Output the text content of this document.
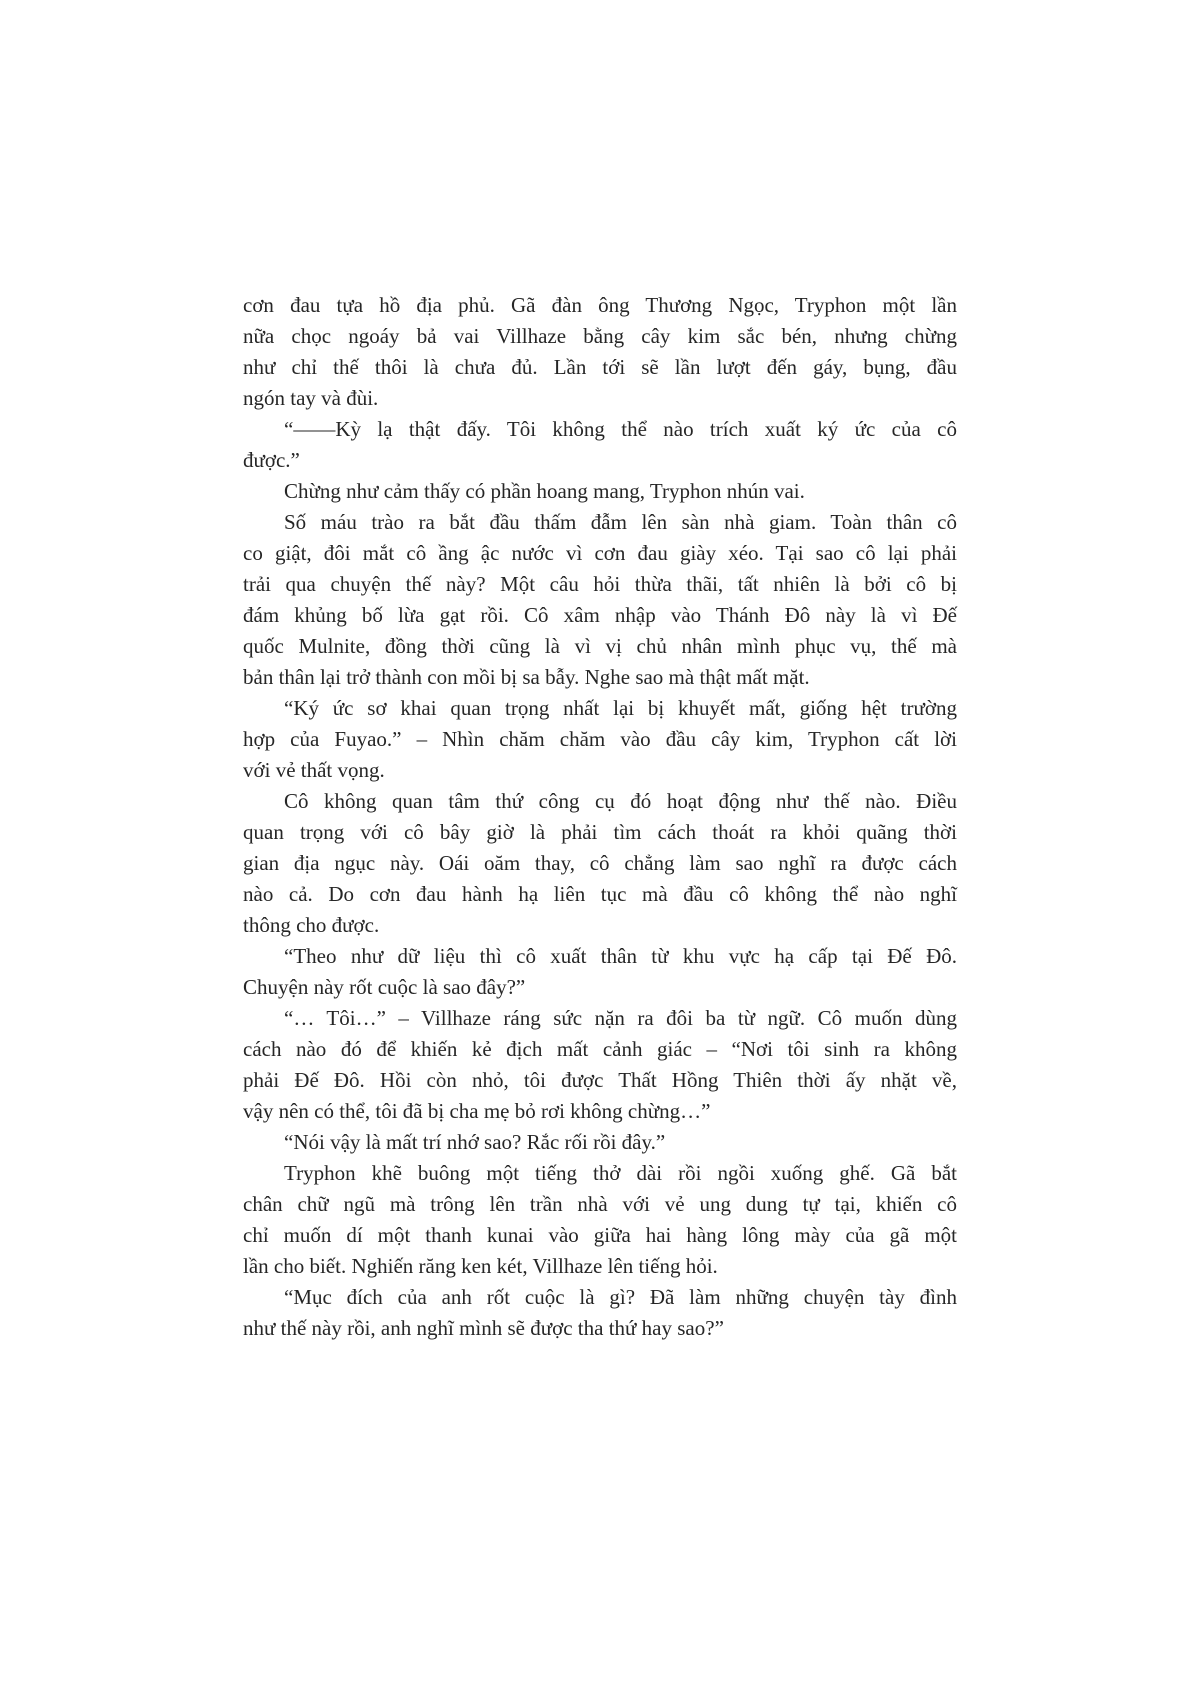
cơn đau tựa hồ địa phủ. Gã đàn ông Thương Ngọc, Tryphon một lần
nữa chọc ngoáy bả vai Villhaze bằng cây kim sắc bén, nhưng chừng
như chỉ thế thôi là chưa đủ. Lần tới sẽ lần lượt đến gáy, bụng, đầu
ngón tay và đùi.
“——Kỳ lạ thật đấy. Tôi không thể nào trích xuất ký ức của cô
được.”
Chừng như cảm thấy có phần hoang mang, Tryphon nhún vai.
Số máu trào ra bắt đầu thấm đẫm lên sàn nhà giam. Toàn thân cô
co giật, đôi mắt cô ầng ậc nước vì cơn đau giày xéo. Tại sao cô lại phải
trải qua chuyện thế này? Một câu hỏi thừa thãi, tất nhiên là bởi cô bị
đám khủng bố lừa gạt rồi. Cô xâm nhập vào Thánh Đô này là vì Đế
quốc Mulnite, đồng thời cũng là vì vị chủ nhân mình phục vụ, thế mà
bản thân lại trở thành con mồi bị sa bẫy. Nghe sao mà thật mất mặt.
“Ký ức sơ khai quan trọng nhất lại bị khuyết mất, giống hệt trường
hợp của Fuyao.” – Nhìn chăm chăm vào đầu cây kim, Tryphon cất lời
với vẻ thất vọng.
Cô không quan tâm thứ công cụ đó hoạt động như thế nào. Điều
quan trọng với cô bây giờ là phải tìm cách thoát ra khỏi quãng thời
gian địa ngục này. Oái oăm thay, cô chẳng làm sao nghĩ ra được cách
nào cả. Do cơn đau hành hạ liên tục mà đầu cô không thể nào nghĩ
thông cho được.
“Theo như dữ liệu thì cô xuất thân từ khu vực hạ cấp tại Đế Đô.
Chuyện này rốt cuộc là sao đây?”
“… Tôi…” – Villhaze ráng sức nặn ra đôi ba từ ngữ. Cô muốn dùng
cách nào đó để khiến kẻ địch mất cảnh giác – “Nơi tôi sinh ra không
phải Đế Đô. Hồi còn nhỏ, tôi được Thất Hồng Thiên thời ấy nhặt về,
vậy nên có thể, tôi đã bị cha mẹ bỏ rơi không chừng…”
“Nói vậy là mất trí nhớ sao? Rắc rối rồi đây.”
Tryphon khẽ buông một tiếng thở dài rồi ngồi xuống ghế. Gã bắt
chân chữ ngũ mà trông lên trần nhà với vẻ ung dung tự tại, khiến cô
chỉ muốn dí một thanh kunai vào giữa hai hàng lông mày của gã một
lần cho biết. Nghiến răng ken két, Villhaze lên tiếng hỏi.
“Mục đích của anh rốt cuộc là gì? Đã làm những chuyện tày đình
như thế này rồi, anh nghĩ mình sẽ được tha thứ hay sao?”
